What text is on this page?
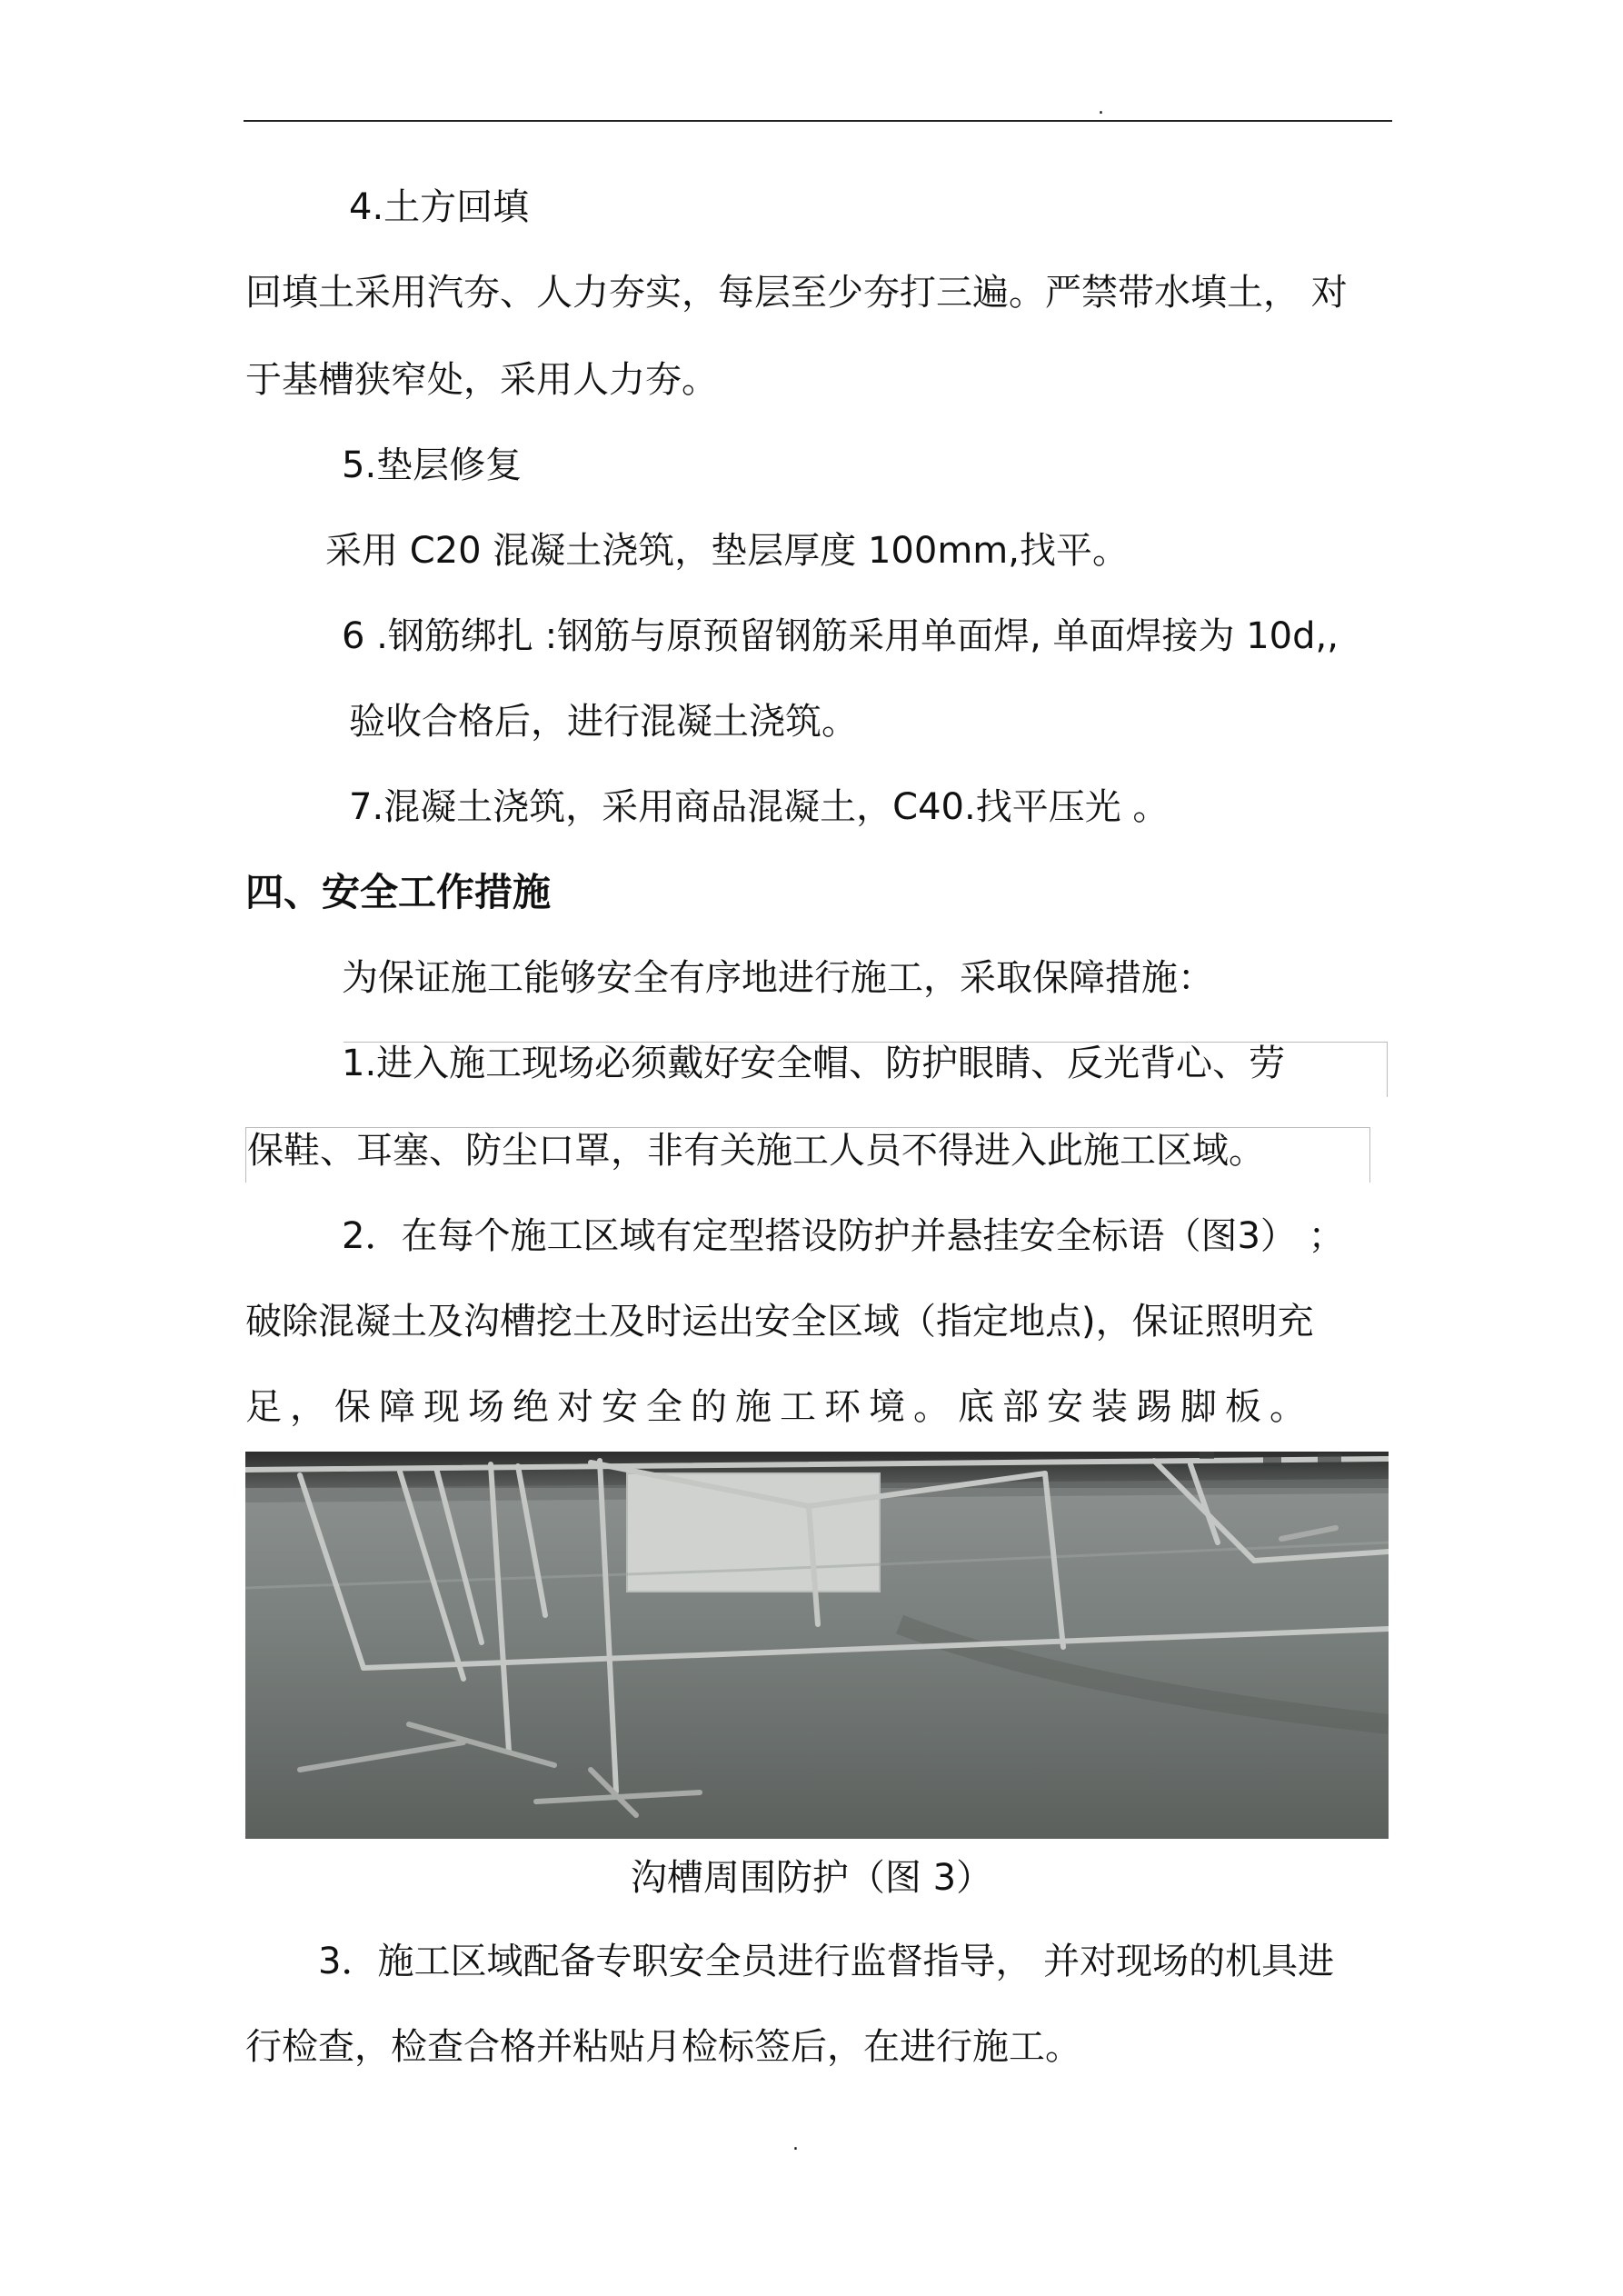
.
4.土方回填
回填土采用汽夯、人力夯实，每层至少夯打三遍。严禁带水填土， 对
于基槽狭窄处，采用人力夯。
5.垫层修复
采用 C20 混凝土浇筑，垫层厚度 100mm,找平。
6 .钢筋绑扎 :钢筋与原预留钢筋采用单面焊, 单面焊接为 10d,,
验收合格后，进行混凝土浇筑。
7.混凝土浇筑，采用商品混凝土，C40.找平压光 。
四、安全工作措施
为保证施工能够安全有序地进行施工，采取保障措施：
1.进入施工现场必须戴好安全帽、防护眼睛、反光背心、劳
保鞋、耳塞、防尘口罩，非有关施工人员不得进入此施工区域。
2．在每个施工区域有定型搭设防护并悬挂安全标语（图3） ；
破除混凝土及沟槽挖土及时运出安全区域（指定地点)，保证照明充
足，保障现场绝对安全的施工环境。底部安装踢脚板。
沟槽周围防护（图 3）
3．施工区域配备专职安全员进行监督指导， 并对现场的机具进
行检查，检查合格并粘贴月检标签后，在进行施工。
.
